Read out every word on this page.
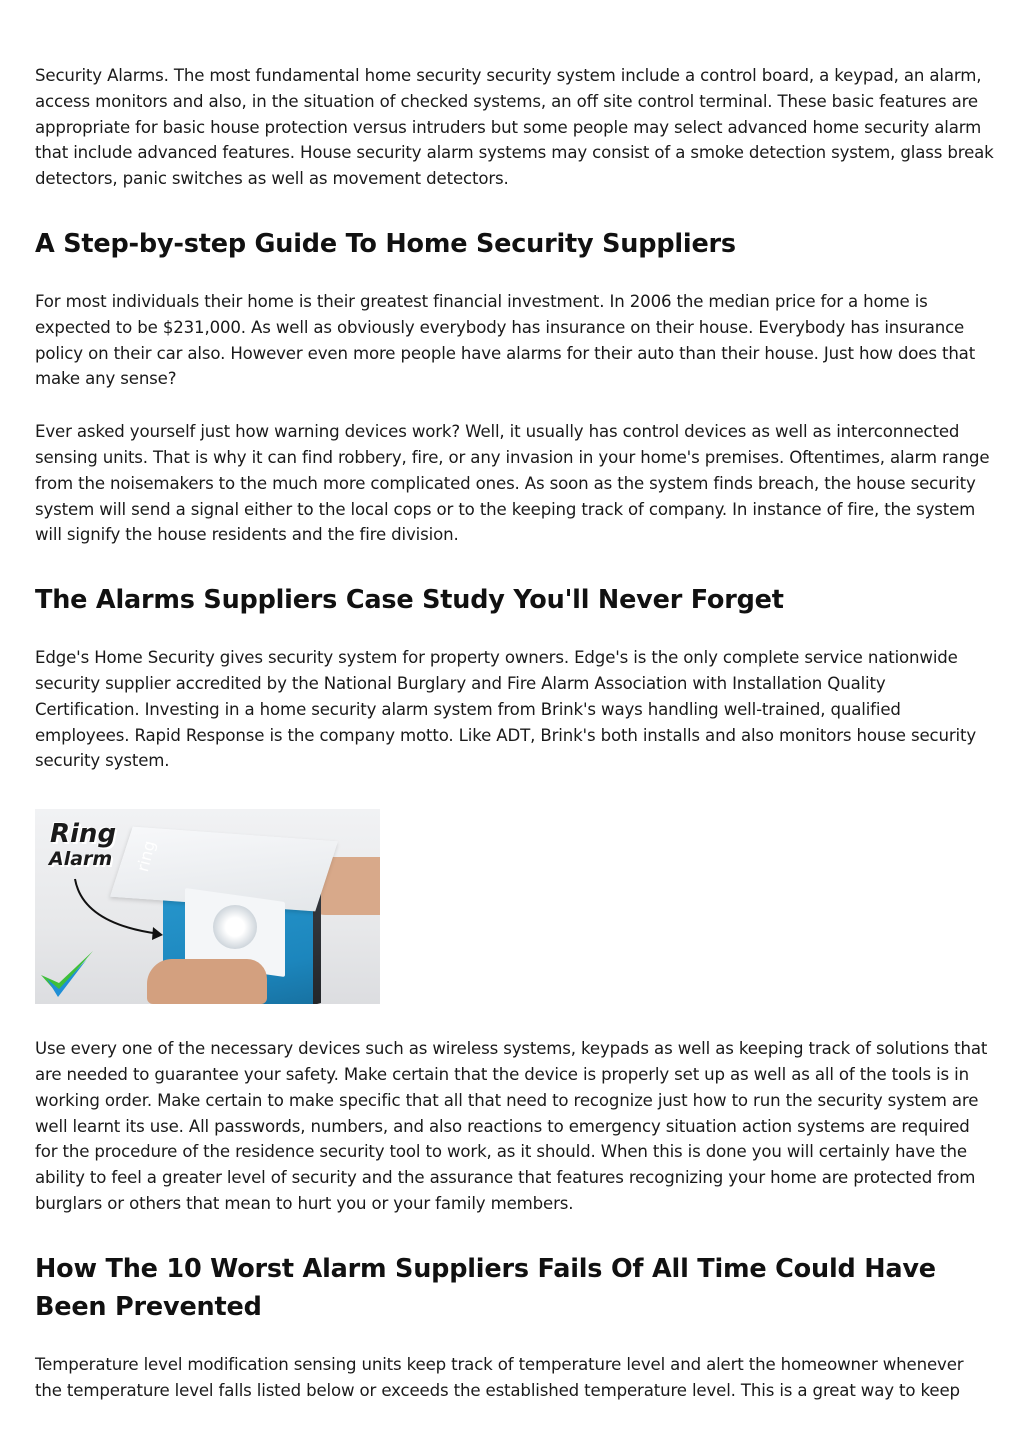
Security Alarms. The most fundamental home security security system include a control board, a keypad, an alarm, access monitors and also, in the situation of checked systems, an off site control terminal. These basic features are appropriate for basic house protection versus intruders but some people may select advanced home security alarm that include advanced features. House security alarm systems may consist of a smoke detection system, glass break detectors, panic switches as well as movement detectors.

A Step-by-step Guide To Home Security Suppliers

For most individuals their home is their greatest financial investment. In 2006 the median price for a home is expected to be $231,000. As well as obviously everybody has insurance on their house. Everybody has insurance policy on their car also. However even more people have alarms for their auto than their house. Just how does that make any sense?

Ever asked yourself just how warning devices work? Well, it usually has control devices as well as interconnected sensing units. That is why it can find robbery, fire, or any invasion in your home's premises. Oftentimes, alarm range from the noisemakers to the much more complicated ones. As soon as the system finds breach, the house security system will send a signal either to the local cops or to the keeping track of company. In instance of fire, the system will signify the house residents and the fire division.

The Alarms Suppliers Case Study You'll Never Forget

Edge's Home Security gives security system for property owners. Edge's is the only complete service nationwide security supplier accredited by the National Burglary and Fire Alarm Association with Installation Quality Certification. Investing in a home security alarm system from Brink's ways handling well-trained, qualified employees. Rapid Response is the company motto. Like ADT, Brink's both installs and also monitors house security security system.

ring
Ring
Alarm

Use every one of the necessary devices such as wireless systems, keypads as well as keeping track of solutions that are needed to guarantee your safety. Make certain that the device is properly set up as well as all of the tools is in working order. Make certain to make specific that all that need to recognize just how to run the security system are well learnt its use. All passwords, numbers, and also reactions to emergency situation action systems are required for the procedure of the residence security tool to work, as it should. When this is done you will certainly have the ability to feel a greater level of security and the assurance that features recognizing your home are protected from burglars or others that mean to hurt you or your family members.

How The 10 Worst Alarm Suppliers Fails Of All Time Could Have Been Prevented

Temperature level modification sensing units keep track of temperature level and alert the homeowner whenever the temperature level falls listed below or exceeds the established temperature level. This is a great way to keep
